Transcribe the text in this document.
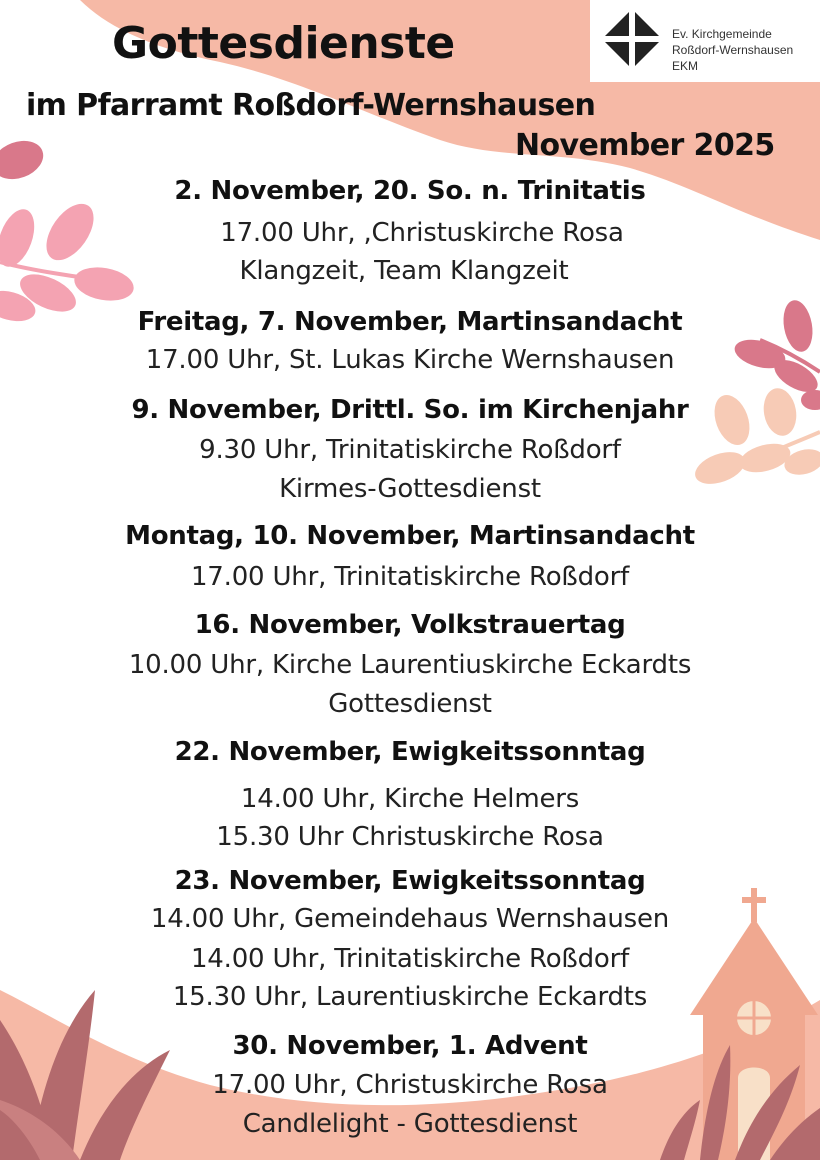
Ev. Kirchgemeinde
Roßdorf-Wernshausen
EKM
Gottesdienste
im Pfarramt Roßdorf-Wernshausen
November 2025
2. November, 20. So. n. Trinitatis
17.00 Uhr, ,Christuskirche Rosa
Klangzeit, Team Klangzeit
Freitag, 7. November, Martinsandacht
17.00 Uhr, St. Lukas Kirche Wernshausen
9. November, Drittl. So. im Kirchenjahr
9.30 Uhr, Trinitatiskirche Roßdorf
Kirmes-Gottesdienst
Montag, 10. November, Martinsandacht
17.00 Uhr, Trinitatiskirche Roßdorf
16. November, Volkstrauertag
10.00 Uhr, Kirche Laurentiuskirche Eckardts
Gottesdienst
22. November, Ewigkeitssonntag
14.00 Uhr, Kirche Helmers
15.30 Uhr Christuskirche Rosa
23. November, Ewigkeitssonntag
14.00 Uhr, Gemeindehaus Wernshausen
14.00 Uhr, Trinitatiskirche Roßdorf
15.30 Uhr, Laurentiuskirche Eckardts
30. November, 1. Advent
17.00 Uhr, Christuskirche Rosa
Candlelight - Gottesdienst
